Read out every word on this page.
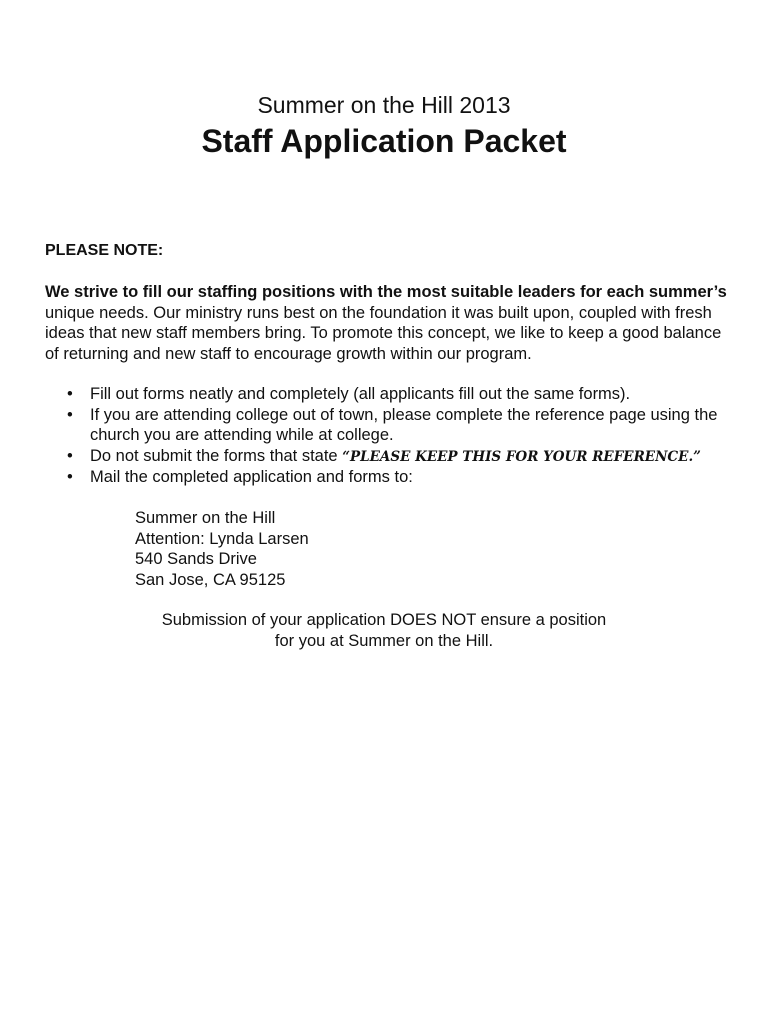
Summer on the Hill 2013
Staff Application Packet
PLEASE NOTE:
We strive to fill our staffing positions with the most suitable leaders for each summer’s unique needs. Our ministry runs best on the foundation it was built upon, coupled with fresh ideas that new staff members bring. To promote this concept, we like to keep a good balance of returning and new staff to encourage growth within our program.
• Fill out forms neatly and completely (all applicants fill out the same forms).
• If you are attending college out of town, please complete the reference page using the church you are attending while at college.
• Do not submit the forms that state “PLEASE KEEP THIS FOR YOUR REFERENCE.”
• Mail the completed application and forms to:
Summer on the Hill
Attention: Lynda Larsen
540 Sands Drive
San Jose, CA 95125
Submission of your application DOES NOT ensure a position
for you at Summer on the Hill.
